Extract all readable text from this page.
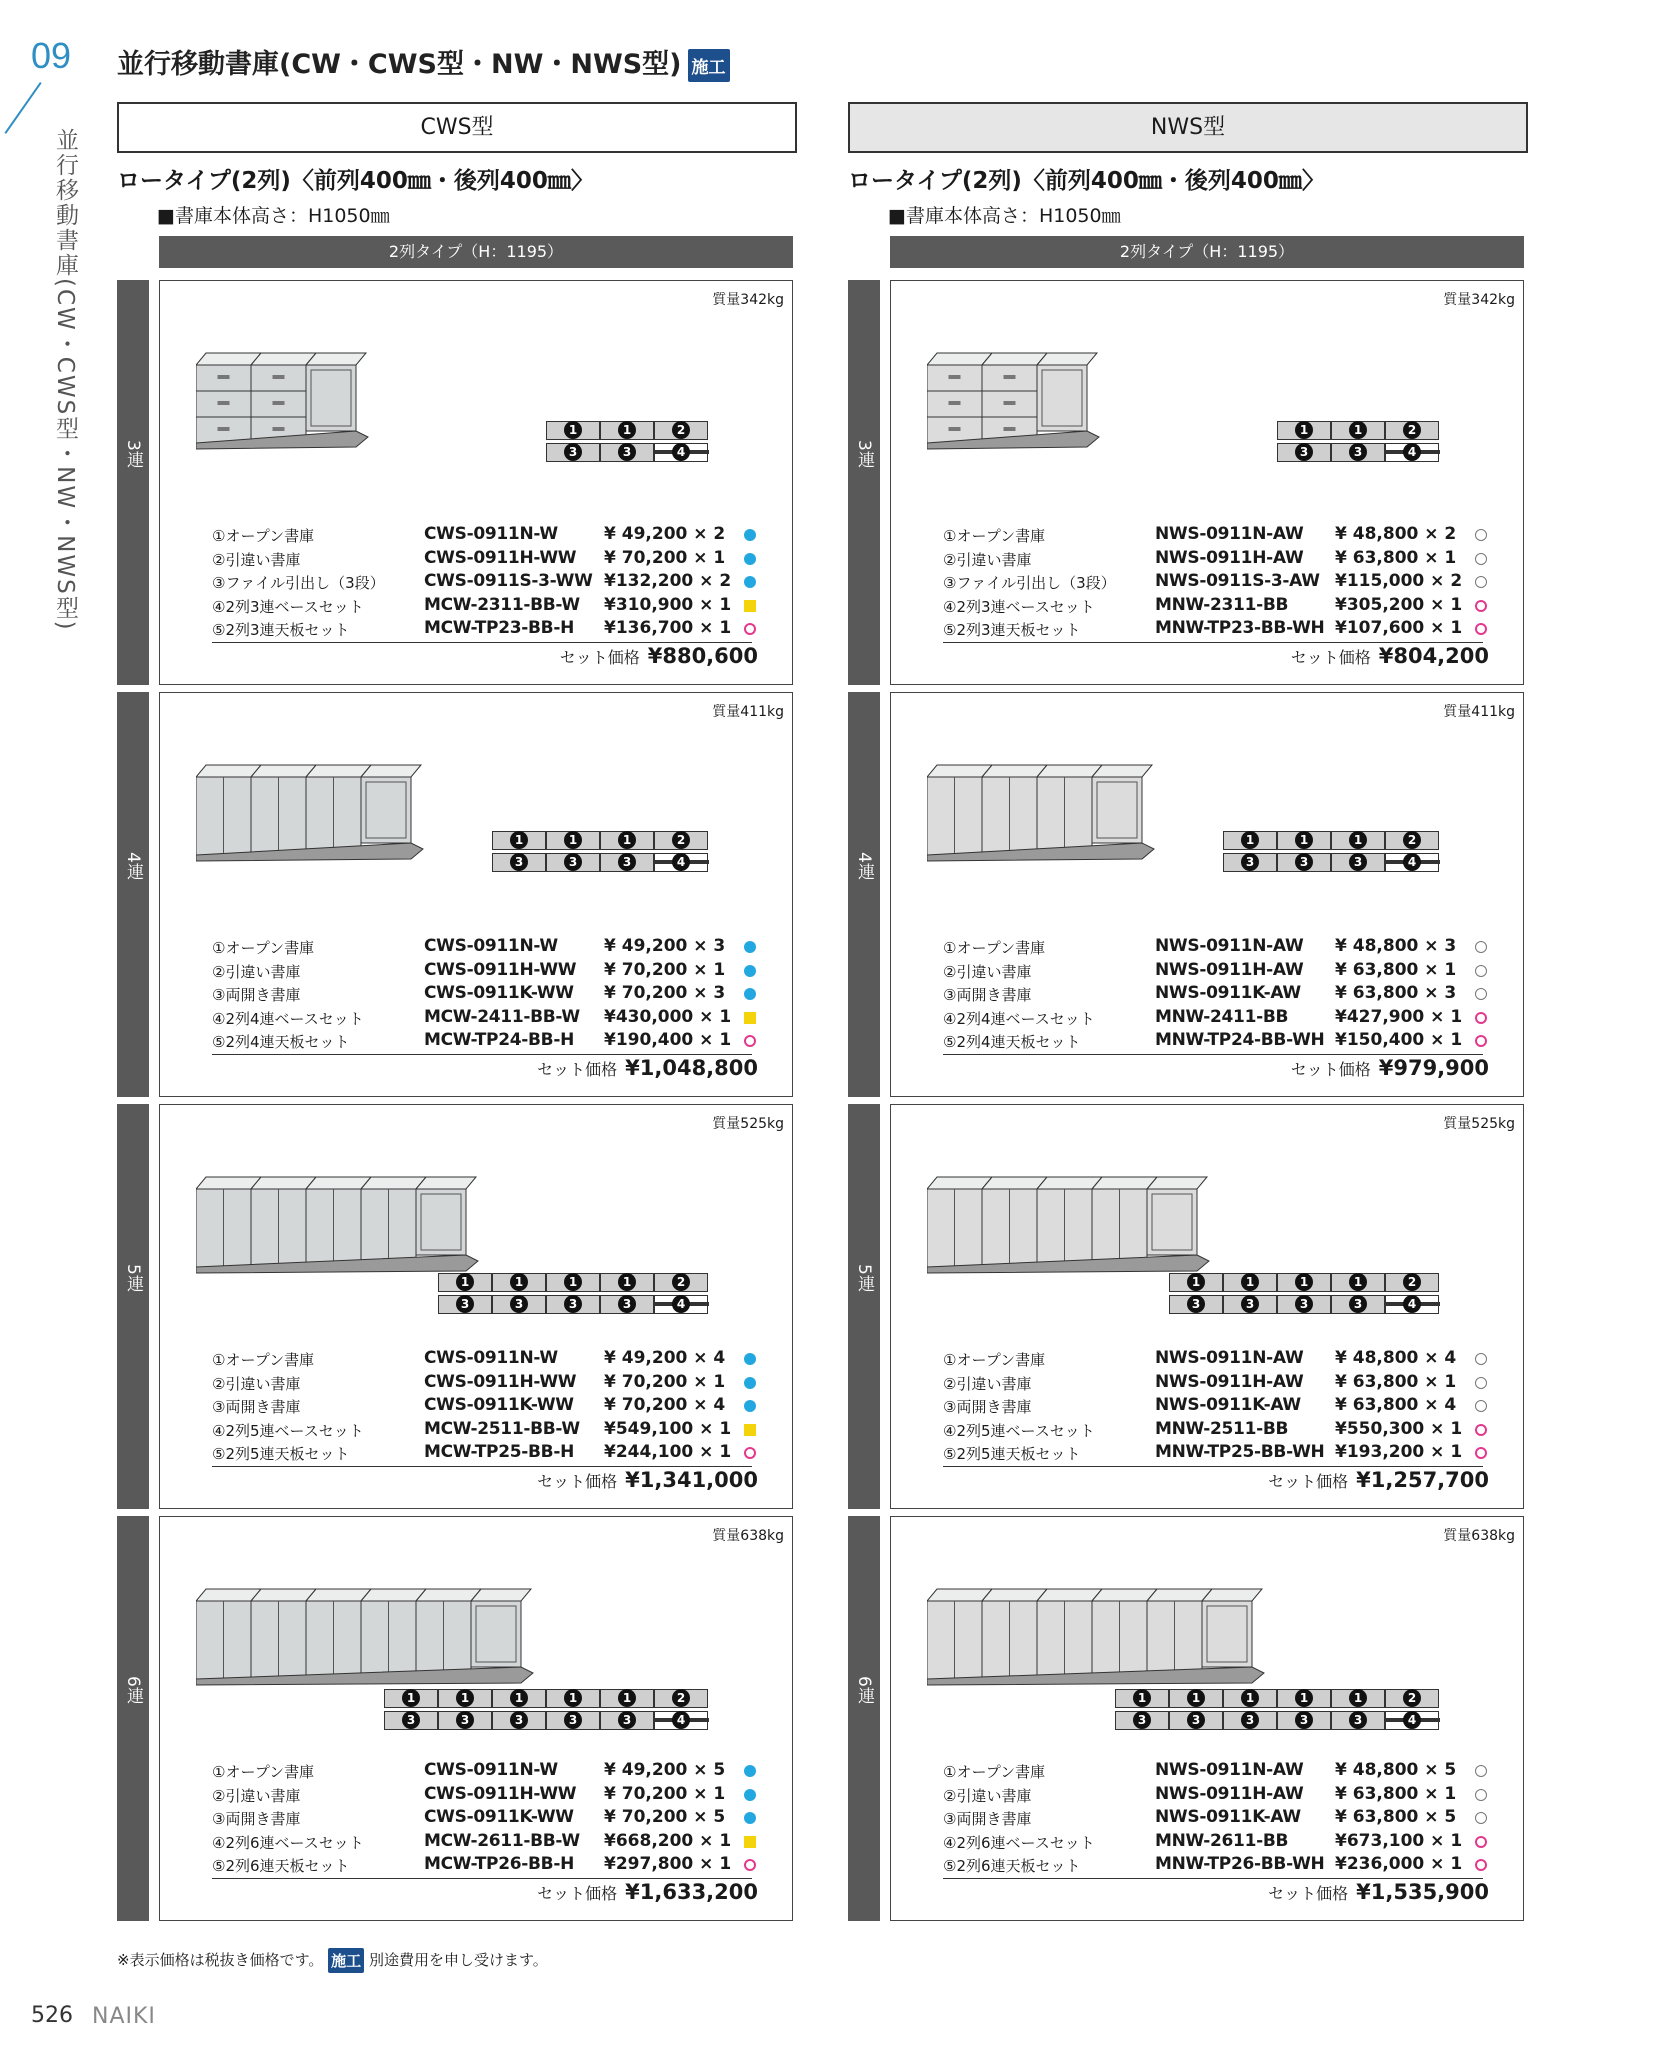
09
並行移動書庫(CW・CWS型・NW・NWS型)
並行移動書庫(CW・CWS型・NW・NWS型) 施工
CWS型
ロータイプ(2列)〈前列400㎜・後列400㎜〉
■書庫本体高さ：H1050㎜
2列タイプ（H：1195）
3連
質量342kg
1
3
1
3
2
4
①オープン書庫	CWS-0911N-W	¥ 49,200 × 2
②引違い書庫	CWS-0911H-WW ¥ 70,200 × 1
③ファイル引出し（3段） CWS-0911S-3-WW ¥132,200 × 2
④2列3連ベースセット	MCW-2311-BB-W ¥310,900 × 1
⑤2列3連天板セット	MCW-TP23-BB-H ¥136,700 × 1
セット価格 ¥880,600
4連
質量411kg
1
3
1
3
1
3
2
4
①オープン書庫	CWS-0911N-W	¥ 49,200 × 3
②引違い書庫	CWS-0911H-WW ¥ 70,200 × 1
③両開き書庫	CWS-0911K-WW ¥ 70,200 × 3
④2列4連ベースセット	MCW-2411-BB-W ¥430,000 × 1
⑤2列4連天板セット	MCW-TP24-BB-H ¥190,400 × 1
セット価格 ¥1,048,800
5連
質量525kg
1
3
1
3
1
3
1
3
2
4
①オープン書庫	CWS-0911N-W	¥ 49,200 × 4
②引違い書庫	CWS-0911H-WW ¥ 70,200 × 1
③両開き書庫	CWS-0911K-WW ¥ 70,200 × 4
④2列5連ベースセット	MCW-2511-BB-W ¥549,100 × 1
⑤2列5連天板セット	MCW-TP25-BB-H ¥244,100 × 1
セット価格 ¥1,341,000
6連
質量638kg
1
3
1
3
1
3
1
3
1
3
2
4
①オープン書庫	CWS-0911N-W	¥ 49,200 × 5
②引違い書庫	CWS-0911H-WW ¥ 70,200 × 1
③両開き書庫	CWS-0911K-WW ¥ 70,200 × 5
④2列6連ベースセット	MCW-2611-BB-W ¥668,200 × 1
⑤2列6連天板セット	MCW-TP26-BB-H ¥297,800 × 1
セット価格 ¥1,633,200
NWS型
ロータイプ(2列)〈前列400㎜・後列400㎜〉
■書庫本体高さ：H1050㎜
2列タイプ（H：1195）
3連
質量342kg
1
3
1
3
2
4
①オープン書庫	NWS-0911N-AW ¥ 48,800 × 2
②引違い書庫	NWS-0911H-AW ¥ 63,800 × 1
③ファイル引出し（3段） NWS-0911S-3-AW ¥115,000 × 2
④2列3連ベースセット	MNW-2311-BB	¥305,200 × 1
⑤2列3連天板セット	MNW-TP23-BB-WH ¥107,600 × 1
セット価格 ¥804,200
4連
質量411kg
1
3
1
3
1
3
2
4
①オープン書庫	NWS-0911N-AW ¥ 48,800 × 3
②引違い書庫	NWS-0911H-AW ¥ 63,800 × 1
③両開き書庫	NWS-0911K-AW ¥ 63,800 × 3
④2列4連ベースセット	MNW-2411-BB	¥427,900 × 1
⑤2列4連天板セット	MNW-TP24-BB-WH ¥150,400 × 1
セット価格 ¥979,900
5連
質量525kg
1
3
1
3
1
3
1
3
2
4
①オープン書庫	NWS-0911N-AW ¥ 48,800 × 4
②引違い書庫	NWS-0911H-AW ¥ 63,800 × 1
③両開き書庫	NWS-0911K-AW ¥ 63,800 × 4
④2列5連ベースセット	MNW-2511-BB	¥550,300 × 1
⑤2列5連天板セット	MNW-TP25-BB-WH ¥193,200 × 1
セット価格 ¥1,257,700
6連
質量638kg
1
3
1
3
1
3
1
3
1
3
2
4
①オープン書庫	NWS-0911N-AW ¥ 48,800 × 5
②引違い書庫	NWS-0911H-AW ¥ 63,800 × 1
③両開き書庫	NWS-0911K-AW ¥ 63,800 × 5
④2列6連ベースセット	MNW-2611-BB	¥673,100 × 1
⑤2列6連天板セット	MNW-TP26-BB-WH ¥236,000 × 1
セット価格 ¥1,535,900
※表示価格は税抜き価格です。 施工 別途費用を申し受けます。
526 NAIKI
